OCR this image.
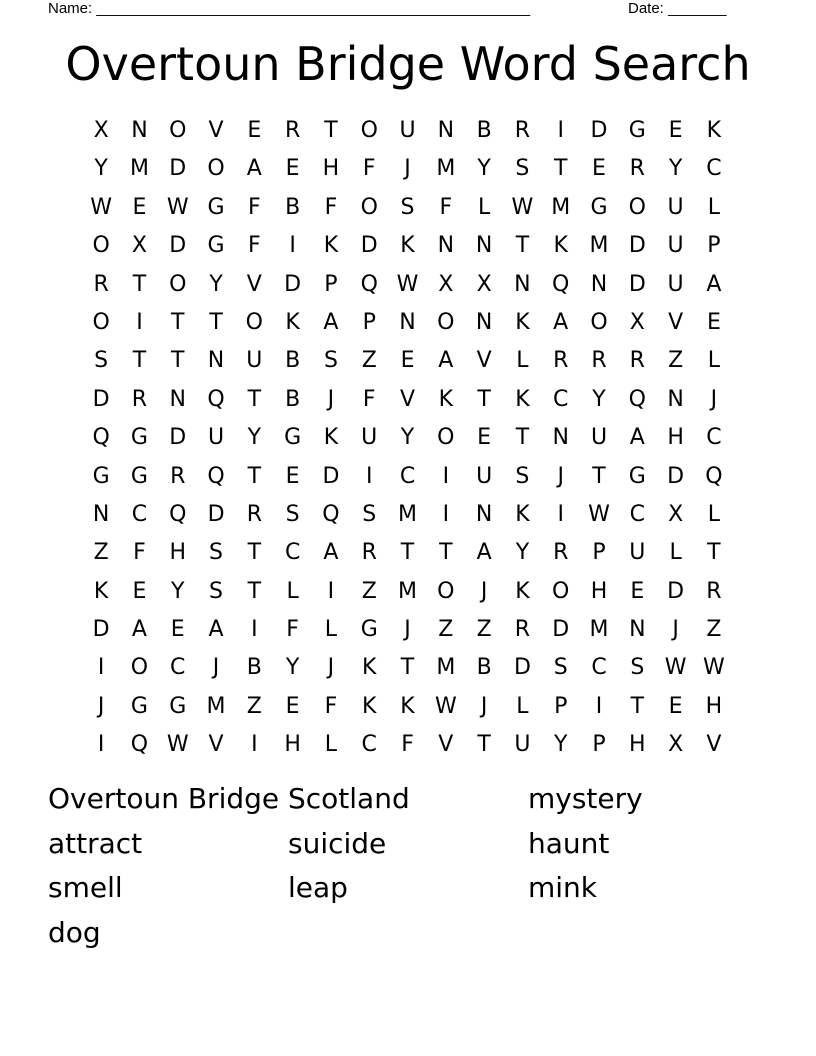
Name: ____________________________________________________	Date: _______
Overtoun Bridge Word Search
X	N O	V	E	R	T	O U	N	B	R	I	D G	E	K
Y	M D O	A	E	H	F	J	M	Y	S	T	E	R	Y	C
W E W G	F	B	F	O	S	F	L W M G O U	L
O	X	D G	F	I	K	D	K	N N	T	K M D U	P
R	T	O	Y	V	D	P	Q W X	X	N Q N D U	A
O	I	T	T	O	K	A	P	N O N	K	A	O	X	V	E
S	T	T	N	U	B	S	Z	E	A	V	L	R	R	R	Z	L
D	R	N Q	T	B	J	F	V	K	T	K	C	Y	Q N	J
Q G D U	Y	G	K	U	Y	O	E	T	N	U	A	H	C
G G	R Q	T	E	D	I	C	I	U	S	J	T	G D Q
N	C Q D	R	S	Q	S M	I	N	K	I	W C	X	L
Z	F	H	S	T	C	A	R	T	T	A	Y	R	P	U	L	T
K	E	Y	S	T	L	I	Z M O	J	K	O H	E	D	R
D	A	E	A	I	F	L	G	J	Z	Z	R	D M N	J	Z
I	O C	J	B	Y	J	K	T	M B	D	S	C	S W W
J	G G M Z	E	F	K	K W	J	L	P	I	T	E	H
I	Q W V	I	H	L	C	F	V	T	U	Y	P	H	X	V
Overtoun Bridge Scotland	mystery
attract	suicide	haunt
smell	leap	mink
dog
